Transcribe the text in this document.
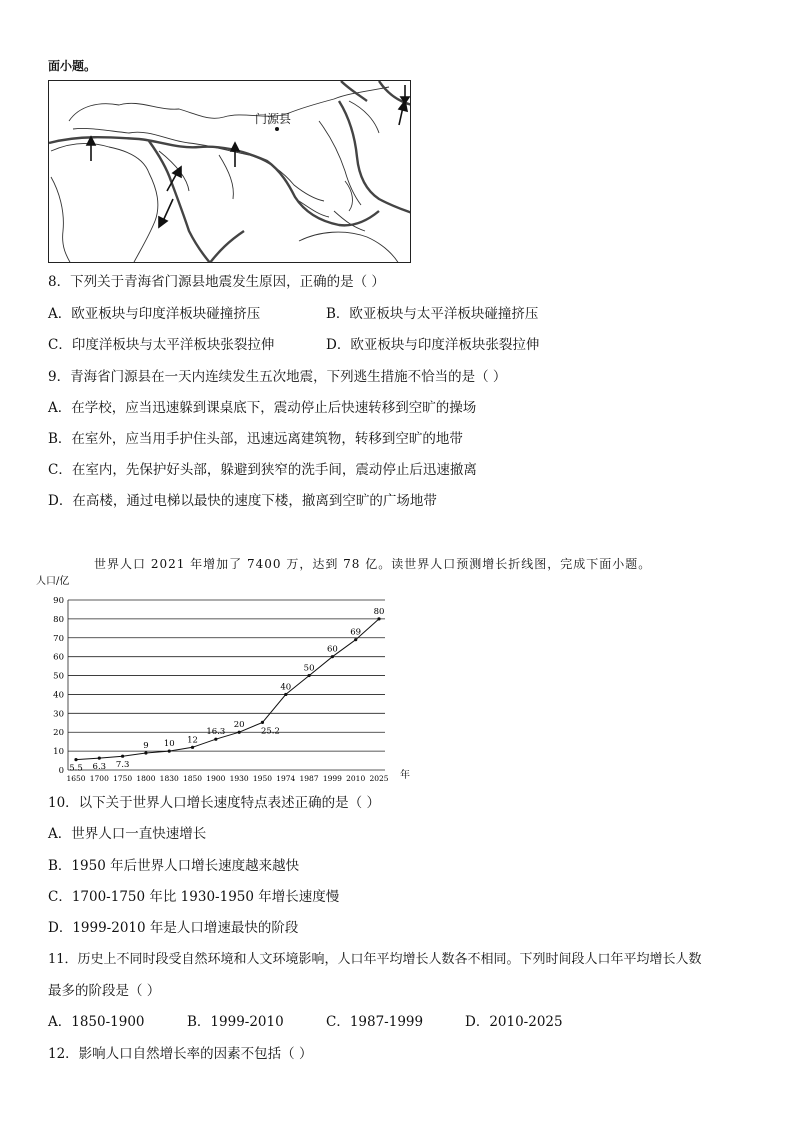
面小题。
门源县
8．下列关于青海省门源县地震发生原因，正确的是（ ）
A．欧亚板块与印度洋板块碰撞挤压	B．欧亚板块与太平洋板块碰撞挤压
C．印度洋板块与太平洋板块张裂拉伸	D．欧亚板块与印度洋板块张裂拉伸
9．青海省门源县在一天内连续发生五次地震，下列逃生措施不恰当的是（ ）
A．在学校，应当迅速躲到课桌底下，震动停止后快速转移到空旷的操场
B．在室外，应当用手护住头部，迅速远离建筑物，转移到空旷的地带
C．在室内，先保护好头部，躲避到狭窄的洗手间，震动停止后迅速撤离
D．在高楼，通过电梯以最快的速度下楼，撤离到空旷的广场地带
世界人口 2021 年增加了 7400 万，达到 78 亿。读世界人口预测增长折线图，完成下面小题。
人口/亿
0
10
20
30
40
50
60
70
80
90
1650 1700 1750 1800 1830 1850 1900 1930 1950 1974 1987 1999 2010 2025
5.5 6.3 7.3
9 10 12
16.3
20
25.2
40
50
60
69
80
年
10．以下关于世界人口增长速度特点表述正确的是（ ）
A．世界人口一直快速增长
B．1950 年后世界人口增长速度越来越快
C．1700-1750 年比 1930-1950 年增长速度慢
D．1999-2010 年是人口增速最快的阶段
11．历史上不同时段受自然环境和人文环境影响，人口年平均增长人数各不相同。下列时间段人口年平均增长人数
最多的阶段是（ ）
A．1850-1900	B．1999-2010	C．1987-1999	D．2010-2025
12．影响人口自然增长率的因素不包括（ ）
